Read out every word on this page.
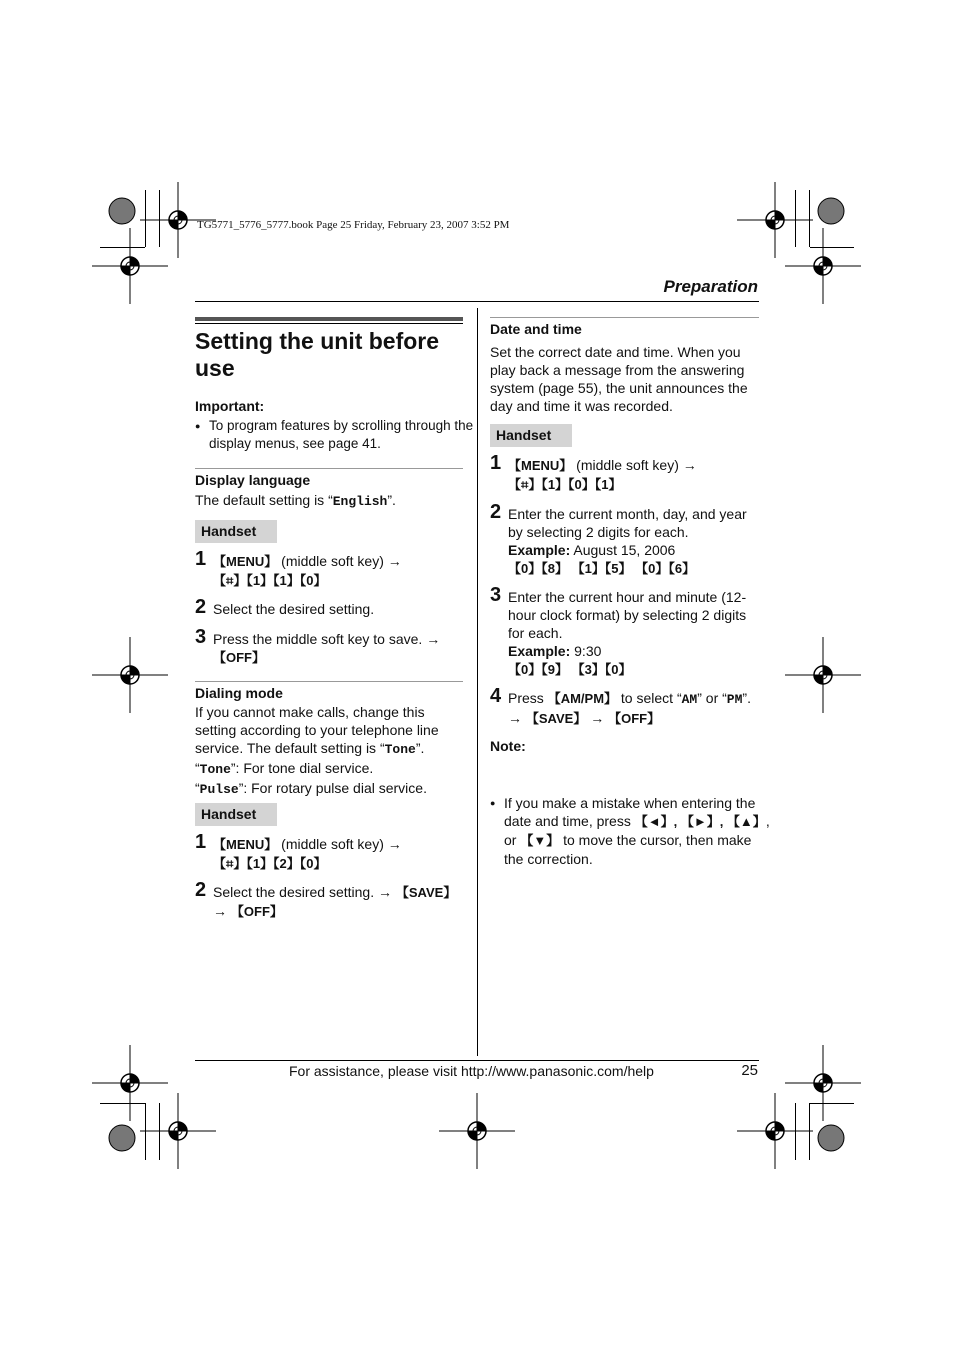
TG5771_5776_5777.book Page 25 Friday, February 23, 2007 3:52 PM
Preparation
Setting the unit before use
Important:
● To program features by scrolling through the display menus, see page 41.
Display language
The default setting is “English”.
Handset
1 【MENU】 (middle soft key) →
【⌗】【1】【1】【0】
2 Select the desired setting.
3 Press the middle soft key to save. →
【OFF】
Dialing mode
If you cannot make calls, change this setting according to your telephone line service. The default setting is “Tone”.
“Tone”: For tone dial service.
“Pulse”: For rotary pulse dial service.
Handset
1 【MENU】 (middle soft key) →
【⌗】【1】【2】【0】
2 Select the desired setting. → 【SAVE】
→ 【OFF】
Date and time
Set the correct date and time. When you play back a message from the answering system (page 55), the unit announces the day and time it was recorded.
Handset
1 【MENU】 (middle soft key) →
【⌗】【1】【0】【1】
2 Enter the current month, day, and year by selecting 2 digits for each.
Example: August 15, 2006
【0】【8】 【1】【5】 【0】【6】
3 Enter the current hour and minute (12-hour clock format) by selecting 2 digits for each.
Example: 9:30
【0】【9】 【3】【0】
4 Press 【AM/PM】 to select “AM” or “PM”.
→ 【SAVE】 → 【OFF】
Note:
● If you make a mistake when entering the date and time, press 【◄】, 【►】, 【▲】, or 【▼】 to move the cursor, then make the correction.
For assistance, please visit http://www.panasonic.com/help	25
